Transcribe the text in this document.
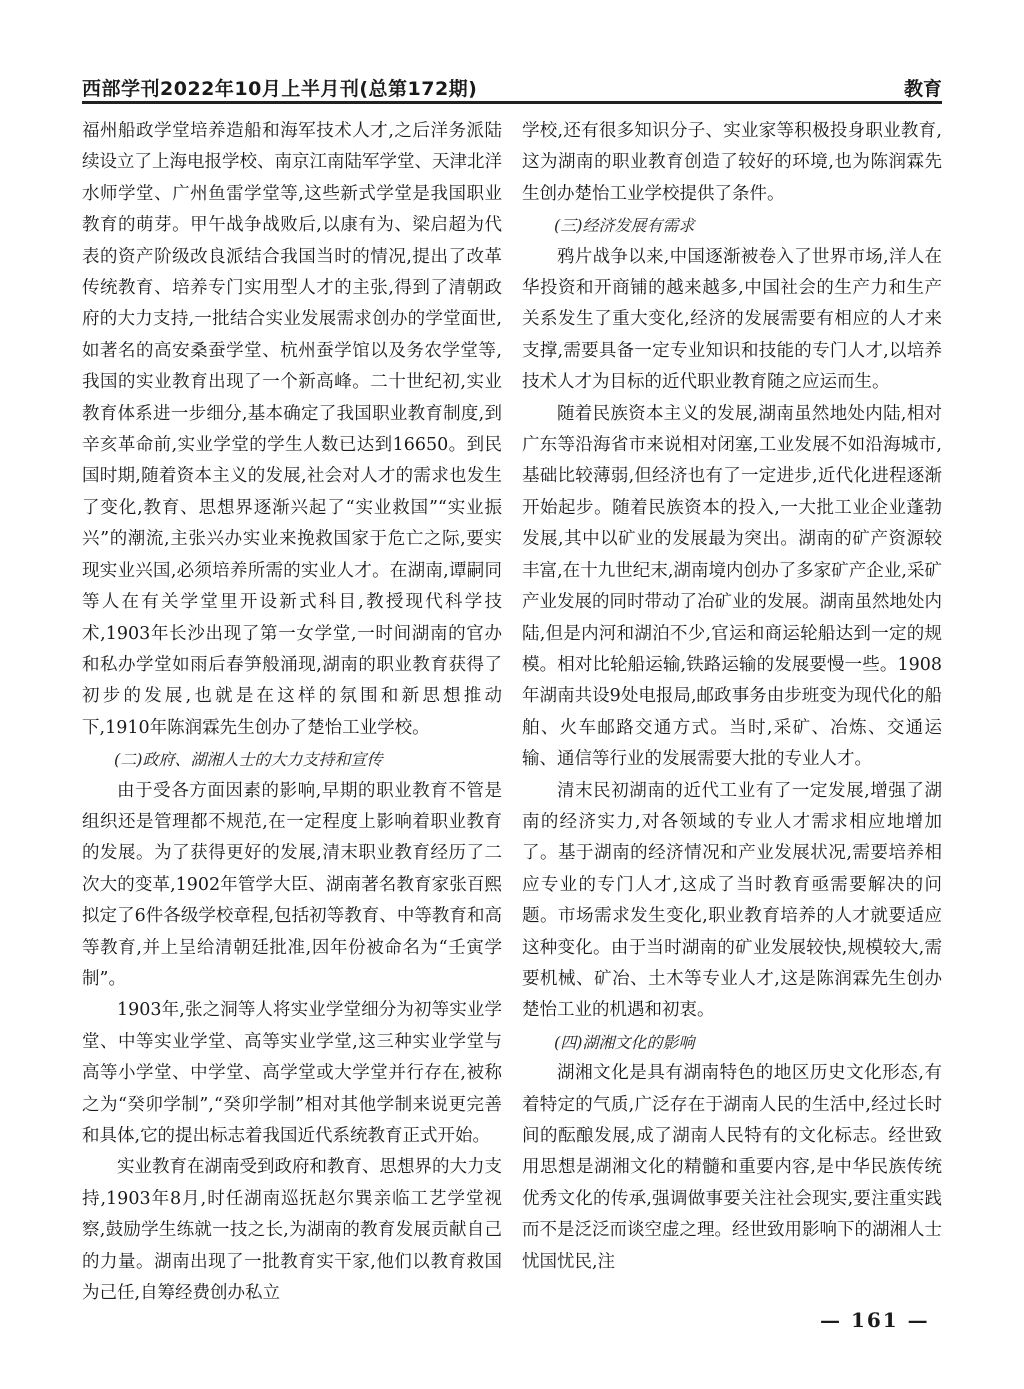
西部学刊2022年10月上半月刊(总第172期)	教育

福州船政学堂培养造船和海军技术人才,之后洋务派陆续设立了上海电报学校、南京江南陆军学堂、天津北洋水师学堂、广州鱼雷学堂等,这些新式学堂是我国职业教育的萌芽。甲午战争战败后,以康有为、梁启超为代表的资产阶级改良派结合我国当时的情况,提出了改革传统教育、培养专门实用型人才的主张,得到了清朝政府的大力支持,一批结合实业发展需求创办的学堂面世,如著名的高安桑蚕学堂、杭州蚕学馆以及务农学堂等,我国的实业教育出现了一个新高峰。二十世纪初,实业教育体系进一步细分,基本确定了我国职业教育制度,到辛亥革命前,实业学堂的学生人数已达到16650。到民国时期,随着资本主义的发展,社会对人才的需求也发生了变化,教育、思想界逐渐兴起了“实业救国”“实业振兴”的潮流,主张兴办实业来挽救国家于危亡之际,要实现实业兴国,必须培养所需的实业人才。在湖南,谭嗣同等人在有关学堂里开设新式科目,教授现代科学技术,1903年长沙出现了第一女学堂,一时间湖南的官办和私办学堂如雨后春笋般涌现,湖南的职业教育获得了初步的发展,也就是在这样的氛围和新思想推动下,1910年陈润霖先生创办了楚怡工业学校。

(二)政府、湖湘人士的大力支持和宣传

由于受各方面因素的影响,早期的职业教育不管是组织还是管理都不规范,在一定程度上影响着职业教育的发展。为了获得更好的发展,清末职业教育经历了二次大的变革,1902年管学大臣、湖南著名教育家张百熙拟定了6件各级学校章程,包括初等教育、中等教育和高等教育,并上呈给清朝廷批准,因年份被命名为“壬寅学制”。

1903年,张之洞等人将实业学堂细分为初等实业学堂、中等实业学堂、高等实业学堂,这三种实业学堂与高等小学堂、中学堂、高学堂或大学堂并行存在,被称之为“癸卯学制”,“癸卯学制”相对其他学制来说更完善和具体,它的提出标志着我国近代系统教育正式开始。

实业教育在湖南受到政府和教育、思想界的大力支持,1903年8月,时任湖南巡抚赵尔巽亲临工艺学堂视察,鼓励学生练就一技之长,为湖南的教育发展贡献自己的力量。湖南出现了一批教育实干家,他们以教育救国为己任,自筹经费创办私立

学校,还有很多知识分子、实业家等积极投身职业教育,这为湖南的职业教育创造了较好的环境,也为陈润霖先生创办楚怡工业学校提供了条件。

(三)经济发展有需求

鸦片战争以来,中国逐渐被卷入了世界市场,洋人在华投资和开商铺的越来越多,中国社会的生产力和生产关系发生了重大变化,经济的发展需要有相应的人才来支撑,需要具备一定专业知识和技能的专门人才,以培养技术人才为目标的近代职业教育随之应运而生。

随着民族资本主义的发展,湖南虽然地处内陆,相对广东等沿海省市来说相对闭塞,工业发展不如沿海城市,基础比较薄弱,但经济也有了一定进步,近代化进程逐渐开始起步。随着民族资本的投入,一大批工业企业蓬勃发展,其中以矿业的发展最为突出。湖南的矿产资源较丰富,在十九世纪末,湖南境内创办了多家矿产企业,采矿产业发展的同时带动了冶矿业的发展。湖南虽然地处内陆,但是内河和湖泊不少,官运和商运轮船达到一定的规模。相对比轮船运输,铁路运输的发展要慢一些。1908年湖南共设9处电报局,邮政事务由步班变为现代化的船舶、火车邮路交通方式。当时,采矿、冶炼、交通运输、通信等行业的发展需要大批的专业人才。

清末民初湖南的近代工业有了一定发展,增强了湖南的经济实力,对各领域的专业人才需求相应地增加了。基于湖南的经济情况和产业发展状况,需要培养相应专业的专门人才,这成了当时教育亟需要解决的问题。市场需求发生变化,职业教育培养的人才就要适应这种变化。由于当时湖南的矿业发展较快,规模较大,需要机械、矿冶、土木等专业人才,这是陈润霖先生创办楚怡工业的机遇和初衷。

(四)湖湘文化的影响

湖湘文化是具有湖南特色的地区历史文化形态,有着特定的气质,广泛存在于湖南人民的生活中,经过长时间的酝酿发展,成了湖南人民特有的文化标志。经世致用思想是湖湘文化的精髓和重要内容,是中华民族传统优秀文化的传承,强调做事要关注社会现实,要注重实践而不是泛泛而谈空虚之理。经世致用影响下的湖湘人士忧国忧民,注

— 161 —
